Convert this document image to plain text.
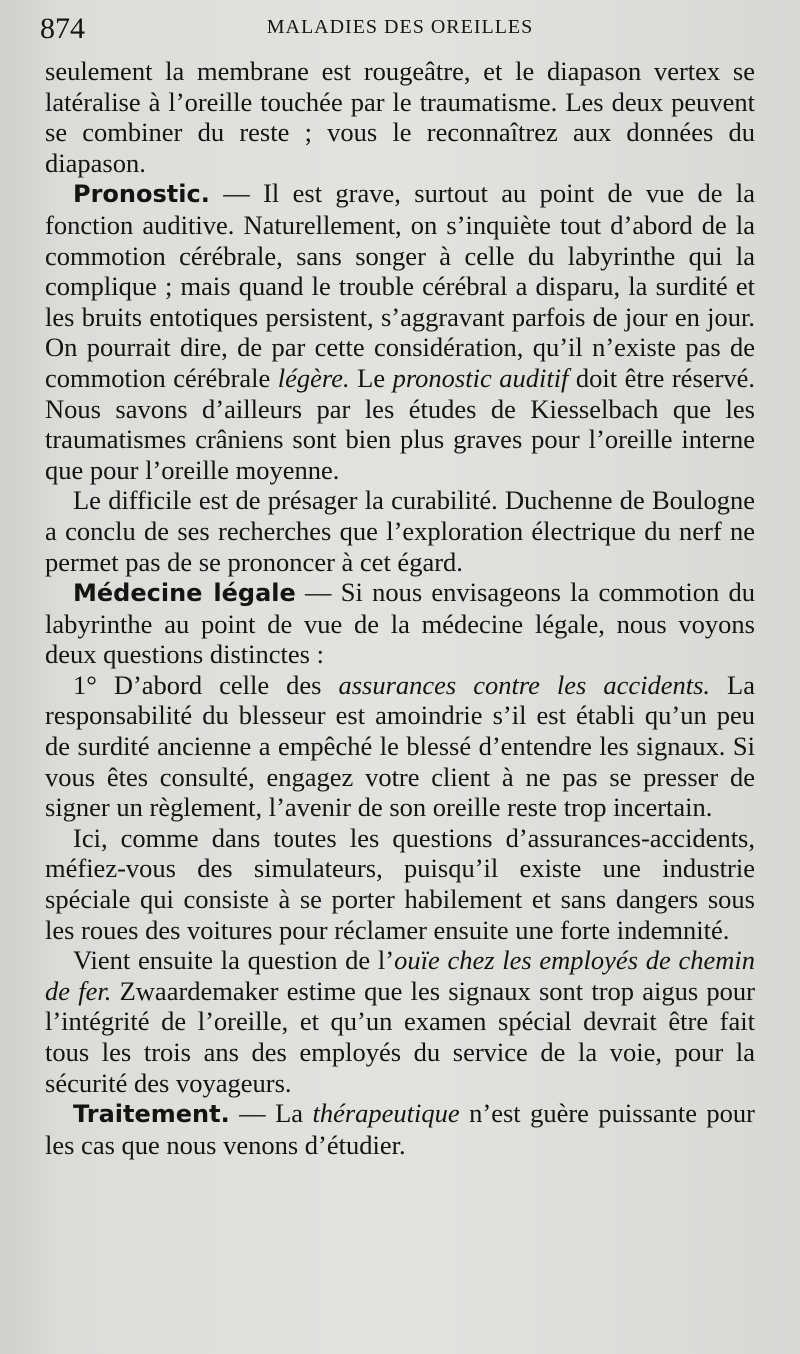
874	MALADIES DES OREILLES

seulement la membrane est rougeâtre, et le diapason vertex se latéralise à l’oreille touchée par le traumatisme. Les deux peuvent se combiner du reste ; vous le reconnaîtrez aux données du diapason.

Pronostic. — Il est grave, surtout au point de vue de la fonction auditive. Naturellement, on s’inquiète tout d’abord de la commotion cérébrale, sans songer à celle du labyrinthe qui la complique ; mais quand le trouble cérébral a disparu, la surdité et les bruits entotiques persistent, s’aggravant parfois de jour en jour. On pourrait dire, de par cette considération, qu’il n’existe pas de commotion cérébrale légère. Le pronostic auditif doit être réservé. Nous savons d’ailleurs par les études de Kiesselbach que les traumatismes crâniens sont bien plus graves pour l’oreille interne que pour l’oreille moyenne.

Le difficile est de présager la curabilité. Duchenne de Boulogne a conclu de ses recherches que l’exploration électrique du nerf ne permet pas de se prononcer à cet égard.

Médecine légale — Si nous envisageons la commotion du labyrinthe au point de vue de la médecine légale, nous voyons deux questions distinctes :

1° D’abord celle des assurances contre les accidents. La responsabilité du blesseur est amoindrie s’il est établi qu’un peu de surdité ancienne a empêché le blessé d’entendre les signaux. Si vous êtes consulté, engagez votre client à ne pas se presser de signer un règlement, l’avenir de son oreille reste trop incertain.

Ici, comme dans toutes les questions d’assurances-accidents, méfiez-vous des simulateurs, puisqu’il existe une industrie spéciale qui consiste à se porter habilement et sans dangers sous les roues des voitures pour réclamer ensuite une forte indemnité.

Vient ensuite la question de l’ouïe chez les employés de chemin de fer. Zwaardemaker estime que les signaux sont trop aigus pour l’intégrité de l’oreille, et qu’un examen spécial devrait être fait tous les trois ans des employés du service de la voie, pour la sécurité des voyageurs.

Traitement. — La thérapeutique n’est guère puissante pour les cas que nous venons d’étudier.
